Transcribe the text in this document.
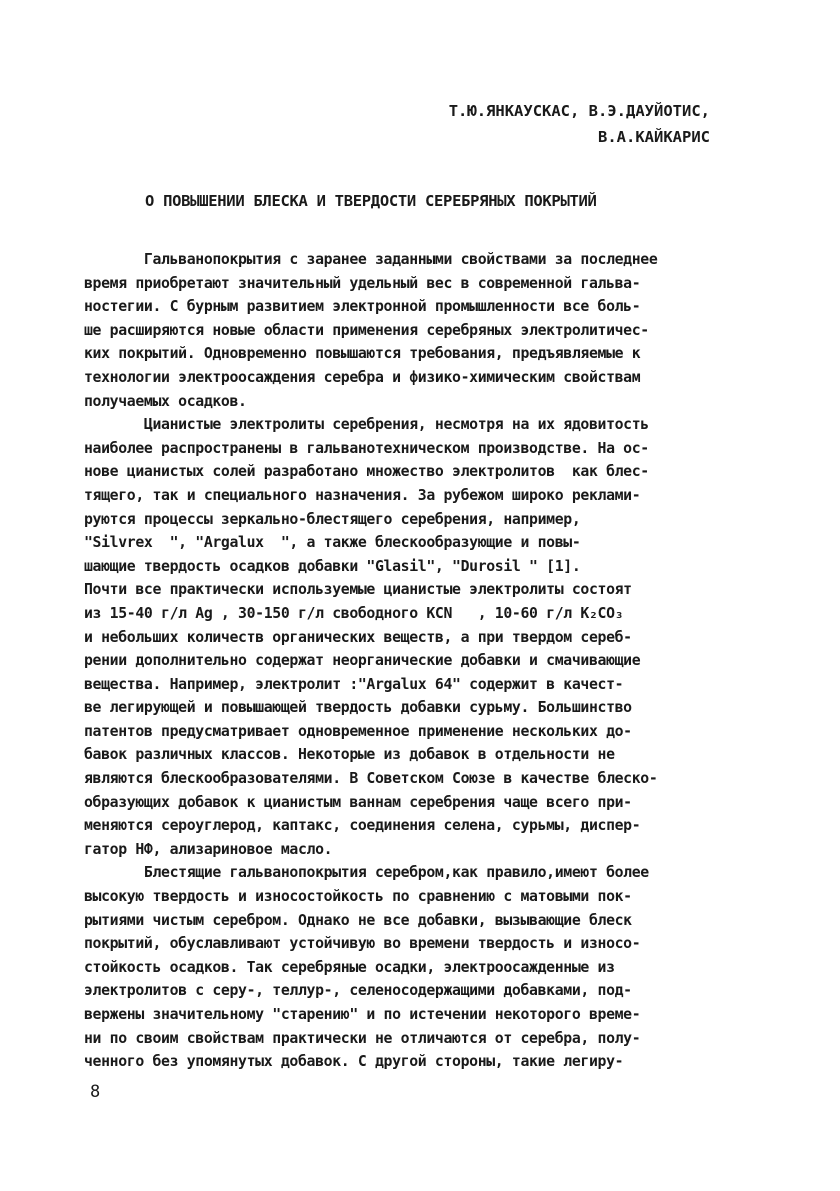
Т.Ю.ЯНКАУСКАС, В.Э.ДАУЙОТИС,
В.А.КАЙКАРИС
О ПОВЫШЕНИИ БЛЕСКА И ТВЕРДОСТИ СЕРЕБРЯНЫХ ПОКРЫТИЙ
Гальванопокрытия с заранее заданными свойствами за последнее
время приобретают значительный удельный вес в современной гальва-
ностегии. С бурным развитием электронной промышленности все боль-
ше расширяются новые области применения серебряных электролитичес-
ких покрытий. Одновременно повышаются требования, предъявляемые к
технологии электроосаждения серебра и физико-химическим свойствам
получаемых осадков.
Цианистые электролиты серебрения, несмотря на их ядовитость
наиболее распространены в гальванотехническом производстве. На ос-
нове цианистых солей разработано множество электролитов  как блес-
тящего, так и специального назначения. За рубежом широко реклами-
руются процессы зеркально-блестящего серебрения, например,
"Silvrex  ", "Argalux  ", а также блескообразующие и повы-
шающие твердость осадков добавки "Glasil", "Durosil " [1].
Почти все практически используемые цианистые электролиты состоят
из 15-40 г/л Ag , 30-150 г/л свободного KCN   , 10-60 г/л K₂CO₃
и небольших количеств органических веществ, а при твердом сереб-
рении дополнительно содержат неорганические добавки и смачивающие
вещества. Например, электролит :"Argalux 64" содержит в качест-
ве легирующей и повышающей твердость добавки сурьму. Большинство
патентов предусматривает одновременное применение нескольких до-
бавок различных классов. Некоторые из добавок в отдельности не
являются блескообразователями. В Советском Союзе в качестве блеско-
образующих добавок к цианистым ваннам серебрения чаще всего при-
меняются сероуглерод, каптакс, соединения селена, сурьмы, диспер-
гатор НФ, ализариновое масло.
Блестящие гальванопокрытия серебром,как правило,имеют более
высокую твердость и износостойкость по сравнению с матовыми пок-
рытиями чистым серебром. Однако не все добавки, вызывающие блеск
покрытий, обуславливают устойчивую во времени твердость и износо-
стойкость осадков. Так серебряные осадки, электроосажденные из
электролитов с серу-, теллур-, селеносодержащими добавками, под-
вержены значительному "старению" и по истечении некоторого време-
ни по своим свойствам практически не отличаются от серебра, полу-
ченного без упомянутых добавок. С другой стороны, такие легиру-
8
